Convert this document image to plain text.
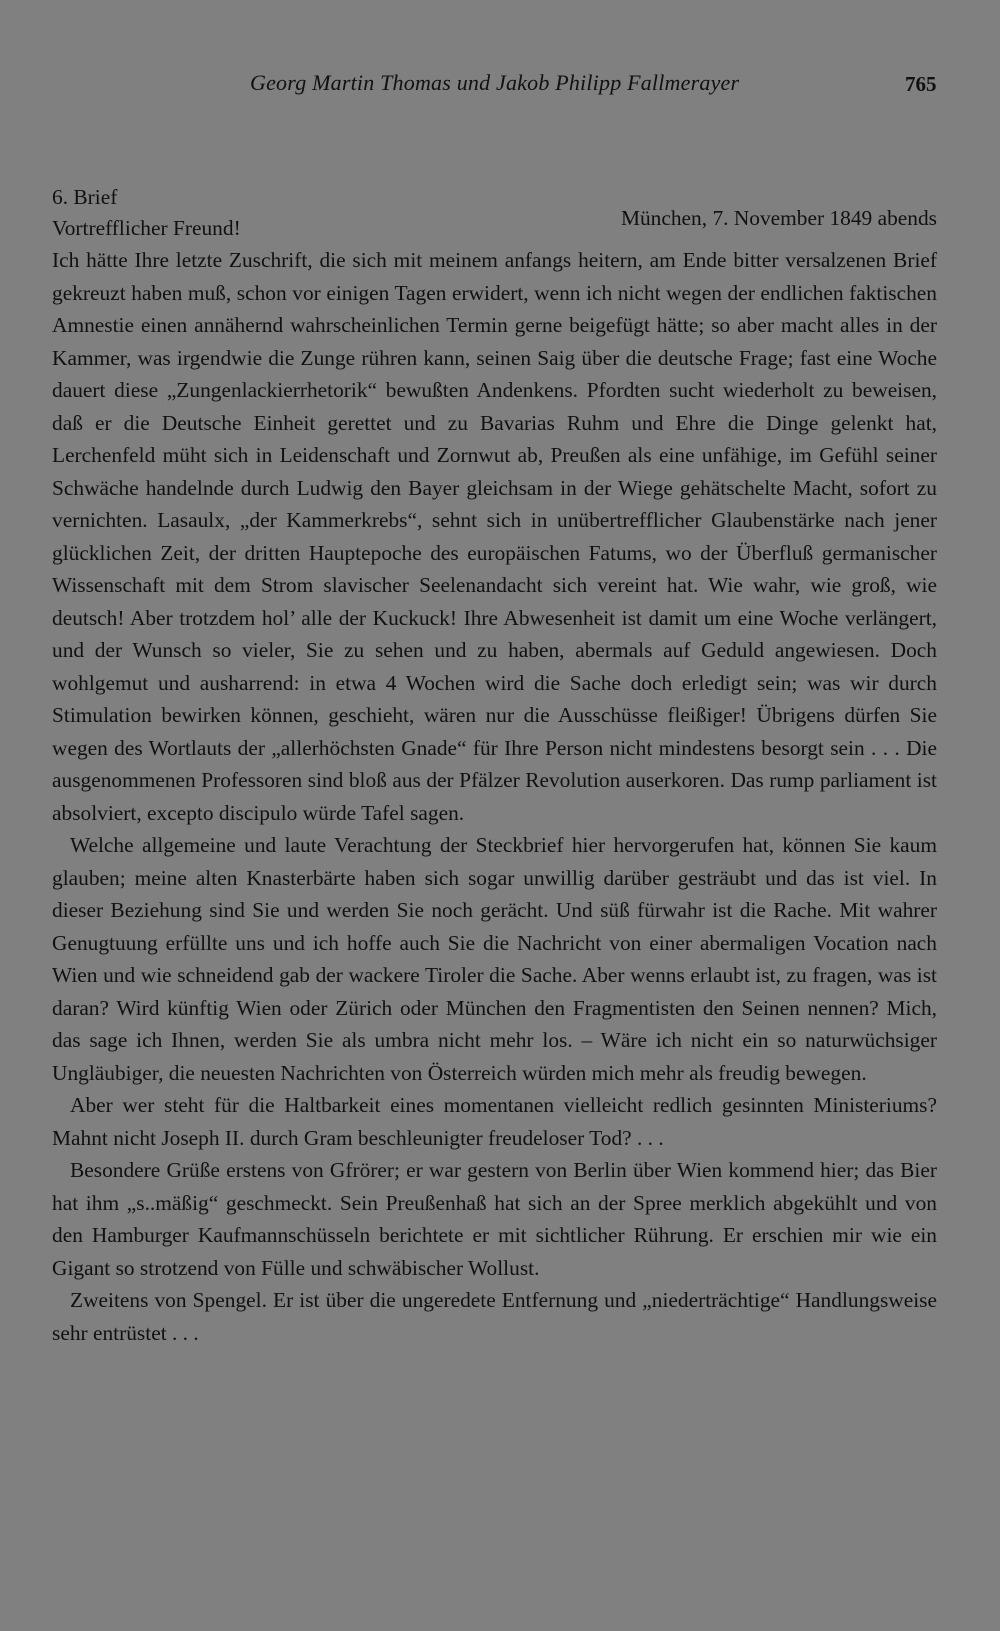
Georg Martin Thomas und Jakob Philipp Fallmerayer	765
6. Brief
Vortrefflicher Freund!	München, 7. November 1849 abends

Ich hätte Ihre letzte Zuschrift, die sich mit meinem anfangs heitern, am Ende bitter versalzenen Brief gekreuzt haben muß, schon vor einigen Tagen erwidert, wenn ich nicht wegen der endlichen faktischen Amnestie einen annähernd wahrscheinlichen Termin gerne beigefügt hätte; so aber macht alles in der Kammer, was irgendwie die Zunge rühren kann, seinen Saig über die deutsche Frage; fast eine Woche dauert diese „Zungenlackierrhetorik“ bewußten Andenkens. Pfordten sucht wiederholt zu beweisen, daß er die Deutsche Einheit gerettet und zu Bavarias Ruhm und Ehre die Dinge gelenkt hat, Lerchenfeld müht sich in Leidenschaft und Zornwut ab, Preußen als eine unfähige, im Gefühl seiner Schwäche handelnde durch Ludwig den Bayer gleichsam in der Wiege gehätschelte Macht, sofort zu vernichten. Lasaulx, „der Kammerkrebs“, sehnt sich in unübertrefflicher Glaubenstärke nach jener glücklichen Zeit, der dritten Hauptepoche des europäischen Fatums, wo der Überfluß germanischer Wissenschaft mit dem Strom slavischer Seelenandacht sich vereint hat. Wie wahr, wie groß, wie deutsch! Aber trotzdem hol’ alle der Kuckuck! Ihre Abwesenheit ist damit um eine Woche verlängert, und der Wunsch so vieler, Sie zu sehen und zu haben, abermals auf Geduld angewiesen. Doch wohlgemut und ausharrend: in etwa 4 Wochen wird die Sache doch erledigt sein; was wir durch Stimulation bewirken können, geschieht, wären nur die Ausschüsse fleißiger! Übrigens dürfen Sie wegen des Wortlauts der „allerhöchsten Gnade“ für Ihre Person nicht mindestens besorgt sein . . . Die ausgenommenen Professoren sind bloß aus der Pfälzer Revolution auserkoren. Das rump parliament ist absolviert, excepto discipulo würde Tafel sagen.

Welche allgemeine und laute Verachtung der Steckbrief hier hervorgerufen hat, können Sie kaum glauben; meine alten Knasterbärte haben sich sogar unwillig darüber gesträubt und das ist viel. In dieser Beziehung sind Sie und werden Sie noch gerächt. Und süß fürwahr ist die Rache. Mit wahrer Genugtuung erfüllte uns und ich hoffe auch Sie die Nachricht von einer abermaligen Vocation nach Wien und wie schneidend gab der wackere Tiroler die Sache. Aber wenns erlaubt ist, zu fragen, was ist daran? Wird künftig Wien oder Zürich oder München den Fragmentisten den Seinen nennen? Mich, das sage ich Ihnen, werden Sie als umbra nicht mehr los. – Wäre ich nicht ein so naturwüchsiger Ungläubiger, die neuesten Nachrichten von Österreich würden mich mehr als freudig bewegen.

Aber wer steht für die Haltbarkeit eines momentanen vielleicht redlich gesinnten Ministeriums? Mahnt nicht Joseph II. durch Gram beschleunigter freudeloser Tod? . . .

Besondere Grüße erstens von Gfrörer; er war gestern von Berlin über Wien kommend hier; das Bier hat ihm „s..mäßig“ geschmeckt. Sein Preußenhaß hat sich an der Spree merklich abgekühlt und von den Hamburger Kaufmannschüsseln berichtete er mit sichtlicher Rührung. Er erschien mir wie ein Gigant so strotzend von Fülle und schwäbischer Wollust.

Zweitens von Spengel. Er ist über die ungeredete Entfernung und „niederträchtige“ Handlungsweise sehr entrüstet . . .
